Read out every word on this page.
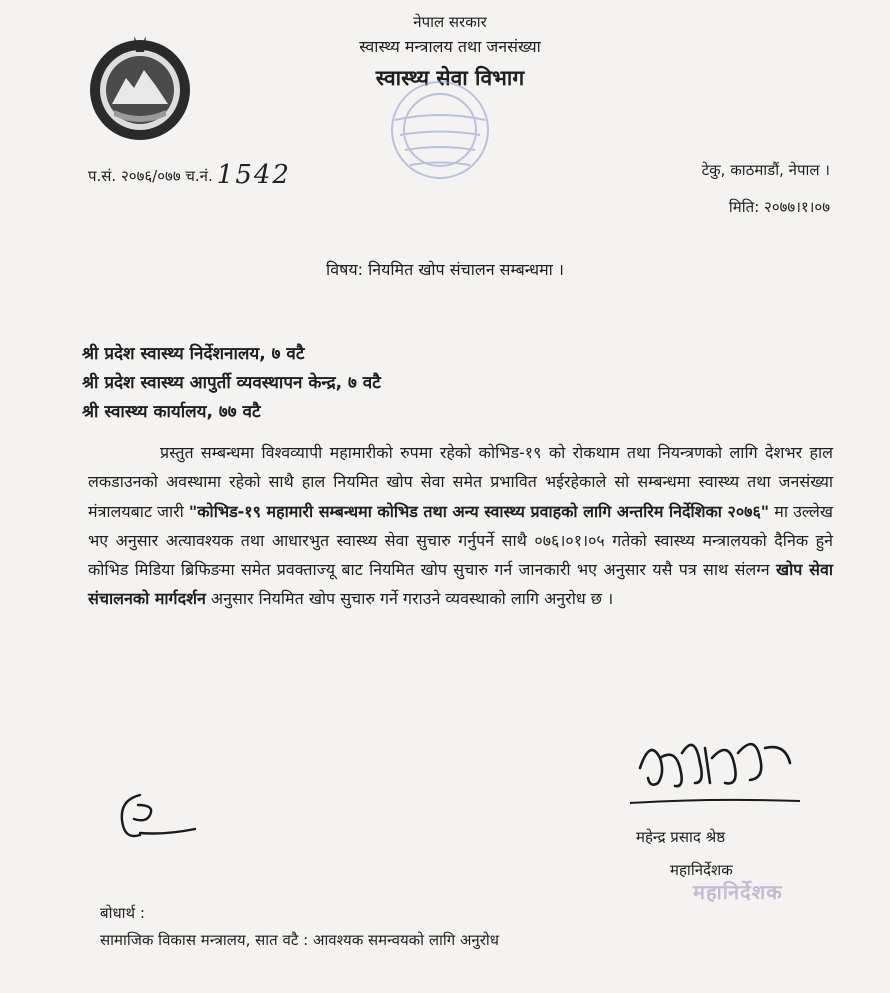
नेपाल सरकार
स्वास्थ्य मन्त्रालय तथा जनसंख्या
स्वास्थ्य सेवा विभाग
प.सं. २०७६/०७७ च.नं. 1542	टेकु, काठमाडौं, नेपाल ।
मिति: २०७७।१।०७
विषय: नियमित खोप संचालन सम्बन्धमा ।
श्री प्रदेश स्वास्थ्य निर्देशनालय, ७ वटै
श्री प्रदेश स्वास्थ्य आपुर्ती व्यवस्थापन केन्द्र, ७ वटै
श्री स्वास्थ्य कार्यालय, ७७ वटै
प्रस्तुत सम्बन्धमा विश्वव्यापी महामारीको रुपमा रहेको कोभिड-१९ को रोकथाम तथा नियन्त्रणको लागि देशभर हाल लकडाउनको अवस्थामा रहेको साथै हाल नियमित खोप सेवा समेत प्रभावित भईरहेकाले सो सम्बन्धमा स्वास्थ्य तथा जनसंख्या मंत्रालयबाट जारी "कोभिड-१९ महामारी सम्बन्धमा कोभिड तथा अन्य स्वास्थ्य प्रवाहको लागि अन्तरिम निर्देशिका २०७६" मा उल्लेख भए अनुसार अत्यावश्यक तथा आधारभुत स्वास्थ्य सेवा सुचारु गर्नुपर्ने साथै ०७६।०१।०५ गतेको स्वास्थ्य मन्त्रालयको दैनिक हुने कोभिड मिडिया ब्रिफिङमा समेत प्रवक्ताज्यू बाट नियमित खोप सुचारु गर्न जानकारी भए अनुसार यसै पत्र साथ संलग्न खोप सेवा संचालनको मार्गदर्शन अनुसार नियमित खोप सुचारु गर्ने गराउने व्यवस्थाको लागि अनुरोध छ ।
महेन्द्र प्रसाद श्रेष्ठ
महानिर्देशक
महानिर्देशक
बोधार्थ :
सामाजिक विकास मन्त्रालय, सात वटै : आवश्यक समन्वयको लागि अनुरोध
